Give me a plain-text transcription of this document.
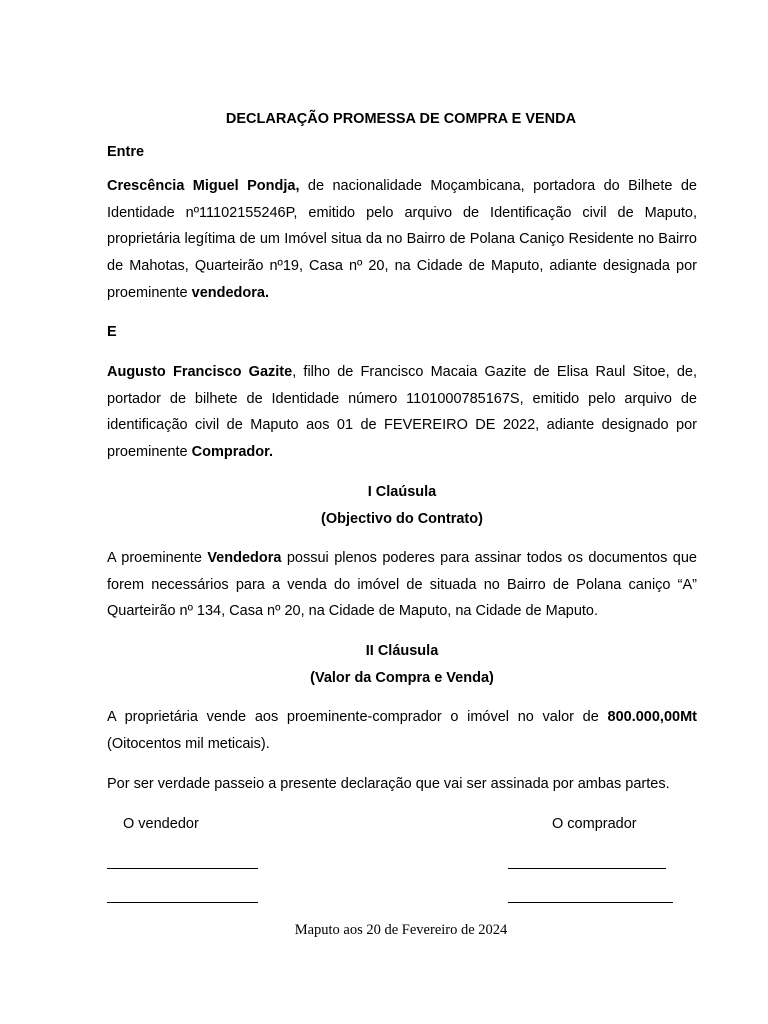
DECLARAÇÃO PROMESSA DE COMPRA E VENDA
Entre
Crescência Miguel Pondja, de nacionalidade Moçambicana, portadora do Bilhete de Identidade nº11102155246P, emitido pelo arquivo de Identificação civil de Maputo, proprietária legítima de um Imóvel situa da no Bairro de Polana Caniço Residente no Bairro de Mahotas, Quarteirão nº19, Casa nº 20, na Cidade de Maputo, adiante designada por proeminente vendedora.
E
Augusto Francisco Gazite, filho de Francisco Macaia Gazite de Elisa Raul Sitoe, de, portador de bilhete de Identidade número 1101000785167S, emitido pelo arquivo de identificação civil de Maputo aos 01 de FEVEREIRO DE 2022, adiante designado por proeminente Comprador.
I Claúsula
(Objectivo do Contrato)
A proeminente Vendedora possui plenos poderes para assinar todos os documentos que forem necessários para a venda do imóvel de situada no Bairro de Polana caniço “A” Quarteirão nº 134, Casa nº 20, na Cidade de Maputo, na Cidade de Maputo.
II Cláusula
(Valor da Compra e Venda)
A proprietária vende aos proeminente-comprador o imóvel no valor de 800.000,00Mt (Oitocentos mil meticais).
Por ser verdade passeio a presente declaração que vai ser assinada por ambas partes.
O vendedor	O comprador
Maputo aos 20 de Fevereiro de 2024
